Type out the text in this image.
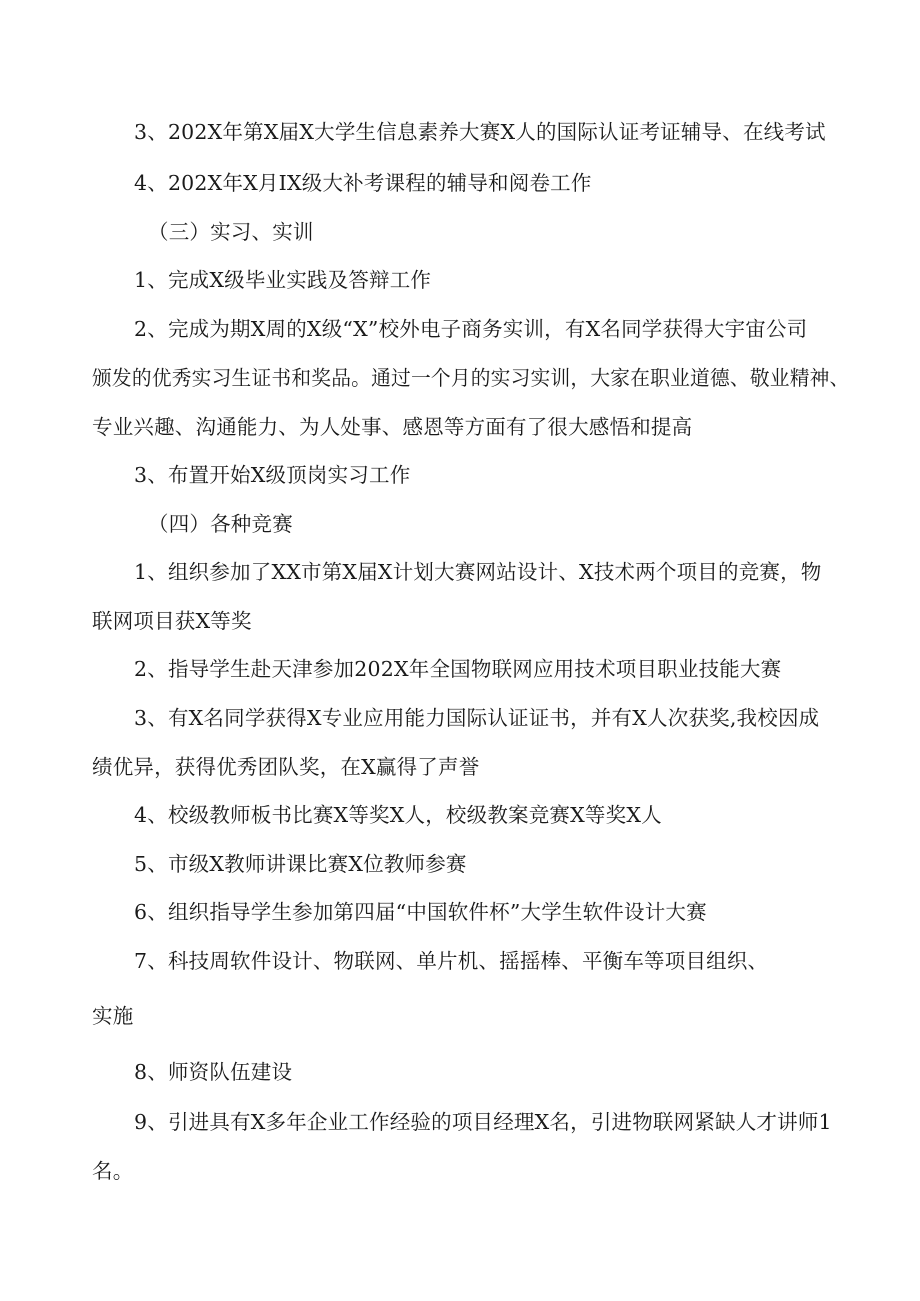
3、202X年第X届X大学生信息素养大赛X人的国际认证考证辅导、在线考试
4、202X年X月IX级大补考课程的辅导和阅卷工作
（三）实习、实训
1、完成X级毕业实践及答辩工作
2、完成为期X周的X级“X”校外电子商务实训，有X名同学获得大宇宙公司
颁发的优秀实习生证书和奖品。通过一个月的实习实训，大家在职业道德、敬业精神、
专业兴趣、沟通能力、为人处事、感恩等方面有了很大感悟和提高
3、布置开始X级顶岗实习工作
（四）各种竞赛
1、组织参加了XX市第X届X计划大赛网站设计、X技术两个项目的竞赛，物
联网项目获X等奖
2、指导学生赴天津参加202X年全国物联网应用技术项目职业技能大赛
3、有X名同学获得X专业应用能力国际认证证书，并有X人次获奖,我校因成
绩优异，获得优秀团队奖，在X赢得了声誉
4、校级教师板书比赛X等奖X人，校级教案竞赛X等奖X人
5、市级X教师讲课比赛X位教师参赛
6、组织指导学生参加第四届“中国软件杯”大学生软件设计大赛
7、科技周软件设计、物联网、单片机、摇摇棒、平衡车等项目组织、
实施
8、师资队伍建设
9、引进具有X多年企业工作经验的项目经理X名，引进物联网紧缺人才讲师1
名。
